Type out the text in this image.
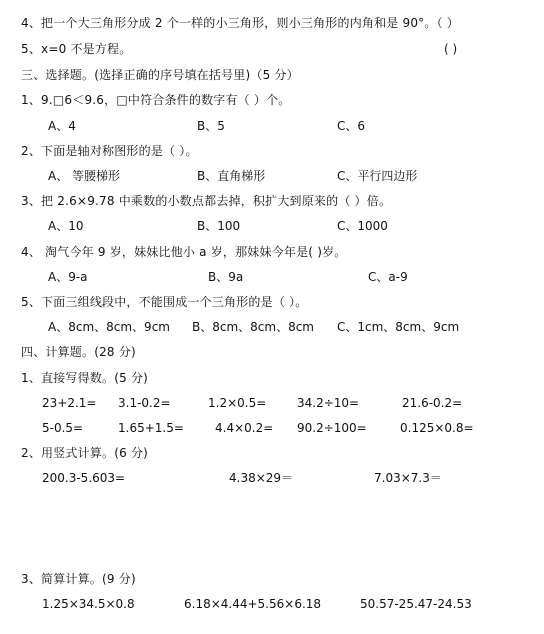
4、把一个大三角形分成 2 个一样的小三角形，则小三角形的内角和是 90°。（ ）
5、x=0 不是方程。	( )
三、选择题。(选择正确的序号填在括号里)（5 分）
1、9.□6＜9.6，□中符合条件的数字有（ ）个。
A、4	B、5	C、6
2、下面是轴对称图形的是（ ）。
A、 等腰梯形	B、直角梯形	C、平行四边形
3、把 2.6×9.78 中乘数的小数点都去掉，积扩大到原来的（ ）倍。
A、10	B、100	C、1000
4、 淘气今年 9 岁，妹妹比他小 a 岁，那妹妹今年是( )岁。
A、9-a	B、9a	C、a-9
5、下面三组线段中，不能围成一个三角形的是（ ）。
A、8cm、8cm、9cm B、8cm、8cm、8cm C、1cm、8cm、9cm
四、计算题。(28 分)
1、直接写得数。(5 分)
23+2.1= 3.1-0.2=	1.2×0.5=	34.2÷10=	21.6-0.2=
5-0.5=	1.65+1.5=	4.4×0.2= 90.2÷100=	0.125×0.8=
2、用竖式计算。(6 分)
200.3-5.603=	4.38×29＝	7.03×7.3＝
3、简算计算。(9 分)
1.25×34.5×0.8	6.18×4.44+5.56×6.18	50.57-25.47-24.53
